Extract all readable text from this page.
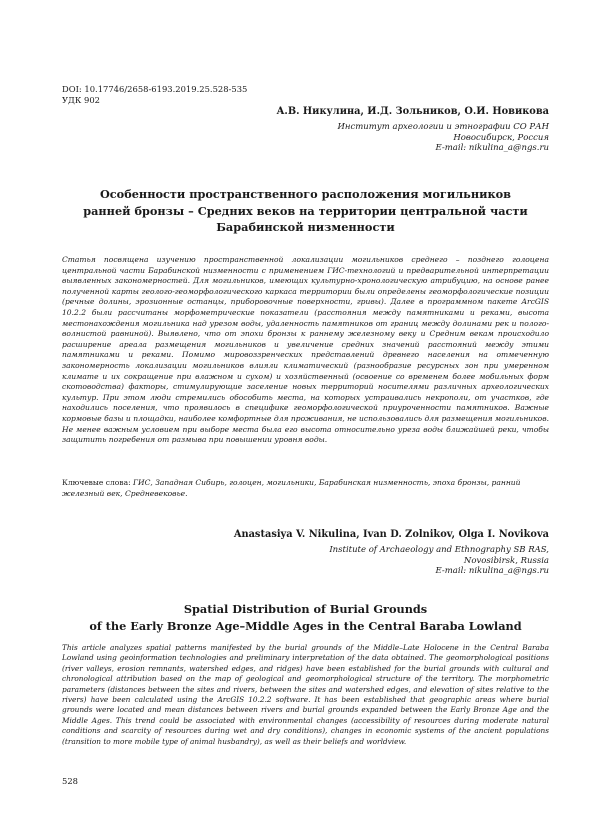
DOI: 10.17746/2658-6193.2019.25.528-535
УДК 902
А.В. Никулина, И.Д. Зольников, О.И. Новикова
Институт археологии и этнографии СО РАН
Новосибирск, Россия
E-mail: nikulina_a@ngs.ru
Особенности пространственного расположения могильников
ранней бронзы – Средних веков на территории центральной части
Барабинской низменности

Статья посвящена изучению пространственной локализации могильников среднего – позднего голоцена центральной части Барабинской низменности с применением ГИС-технологий и предварительной интерпретации выявленных закономерностей. Для могильников, имеющих культурно-хронологическую атрибуцию, на основе ранее полученной карты геолого-геоморфологического каркаса территории были определены геоморфологические позиции (речные долины, эрозионные останцы, приборовочные поверхности, гривы). Далее в программном пакете ArcGIS 10.2.2 были рассчитаны морфометрические показатели (расстояния между памятниками и реками, высота местонахождения могильника над урезом воды, удаленность памятников от границ между долинами рек и полого-волнистой равниной). Выявлено, что от эпохи бронзы к раннему железному веку и Средним векам происходило расширение ареала размещения могильников и увеличение средних значений расстояний между этими памятниками и реками. Помимо мировоззренческих представлений древнего населения на отмеченную закономерность локализации могильников влияли климатический (разнообразие ресурсных зон при умеренном климате и их сокращение при влажном и сухом) и хозяйственный (освоение со временем более мобильных форм скотоводства) факторы, стимулирующие заселение новых территорий носителями различных археологических культур. При этом люди стремились обособить места, на которых устраивались некрополи, от участков, где находились поселения, что проявилось в специфике геоморфологической приуроченности памятников. Важные кормовые базы и площадки, наиболее комфортные для проживания, не использовались для размещения могильников. Не менее важным условием при выборе места была его высота относительно уреза воды ближайшей реки, чтобы защитить погребения от размыва при повышении уровня воды.

Ключевые слова: ГИС, Западная Сибирь, голоцен, могильники, Барабинская низменность, эпоха бронзы, ранний железный век, Средневековье.

Anastasiya V. Nikulina, Ivan D. Zolnikov, Olga I. Novikova
Institute of Archaeology and Ethnography SB RAS,
Novosibirsk, Russia
E-mail: nikulina_a@ngs.ru
Spatial Distribution of Burial Grounds
of the Early Bronze Age–Middle Ages in the Central Baraba Lowland

This article analyzes spatial patterns manifested by the burial grounds of the Middle–Late Holocene in the Central Baraba Lowland using geoinformation technologies and preliminary interpretation of the data obtained. The geomorphological positions (river valleys, erosion remnants, watershed edges, and ridges) have been established for the burial grounds with cultural and chronological attribution based on the map of geological and geomorphological structure of the territory. The morphometric parameters (distances between the sites and rivers, between the sites and watershed edges, and elevation of sites relative to the rivers) have been calculated using the ArcGIS 10.2.2 software. It has been established that geographic areas where burial grounds were located and mean distances between rivers and burial grounds expanded between the Early Bronze Age and the Middle Ages. This trend could be associated with environmental changes (accessibility of resources during moderate natural conditions and scarcity of resources during wet and dry conditions), changes in economic systems of the ancient populations (transition to more mobile type of animal husbandry), as well as their beliefs and worldview.

528
